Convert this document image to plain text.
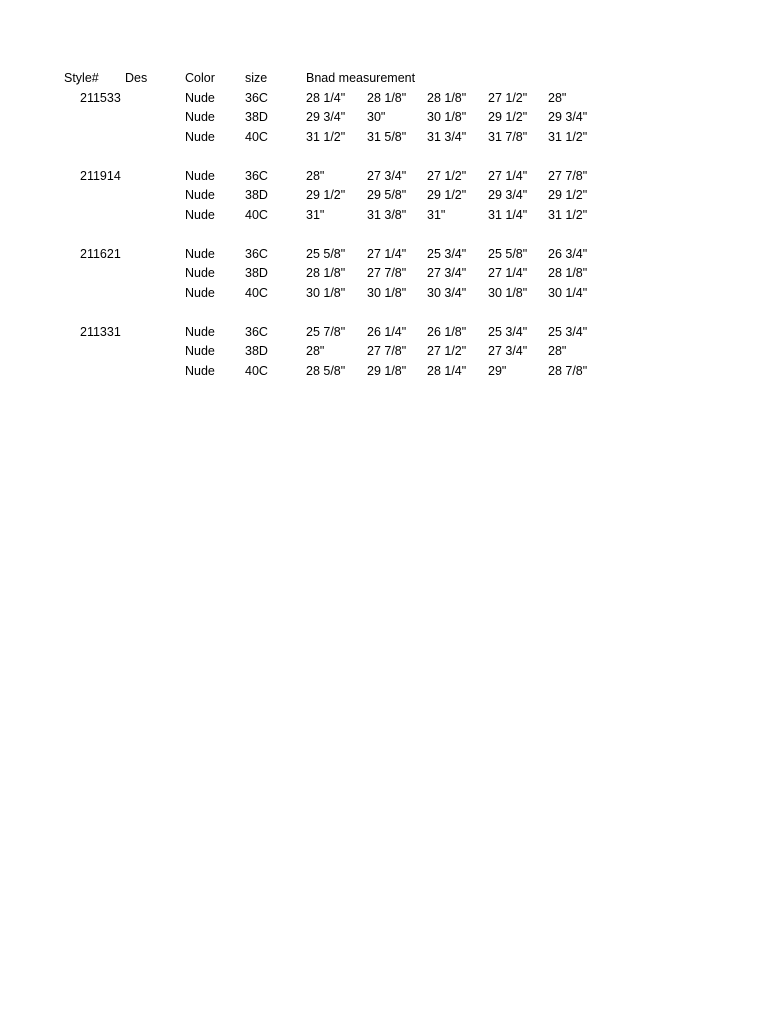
Style# Des	Color size	Bnad measurement
211533	Nude 36C	28 1/4" 28 1/8" 28 1/8" 27 1/2" 28"
Nude 38D	29 3/4" 30"	30 1/8" 29 1/2" 29 3/4"
Nude 40C	31 1/2" 31 5/8" 31 3/4" 31 7/8" 31 1/2"
211914	Nude 36C	28"	27 3/4" 27 1/2" 27 1/4" 27 7/8"
Nude 38D	29 1/2" 29 5/8" 29 1/2" 29 3/4" 29 1/2"
Nude 40C	31"	31 3/8" 31"	31 1/4" 31 1/2"
211621	Nude 36C	25 5/8" 27 1/4" 25 3/4" 25 5/8" 26 3/4"
Nude 38D	28 1/8" 27 7/8" 27 3/4" 27 1/4" 28 1/8"
Nude 40C	30 1/8" 30 1/8" 30 3/4" 30 1/8" 30 1/4"
211331	Nude 36C	25 7/8" 26 1/4" 26 1/8" 25 3/4" 25 3/4"
Nude 38D	28"	27 7/8" 27 1/2" 27 3/4" 28"
Nude 40C	28 5/8" 29 1/8" 28 1/4" 29"	28 7/8"
